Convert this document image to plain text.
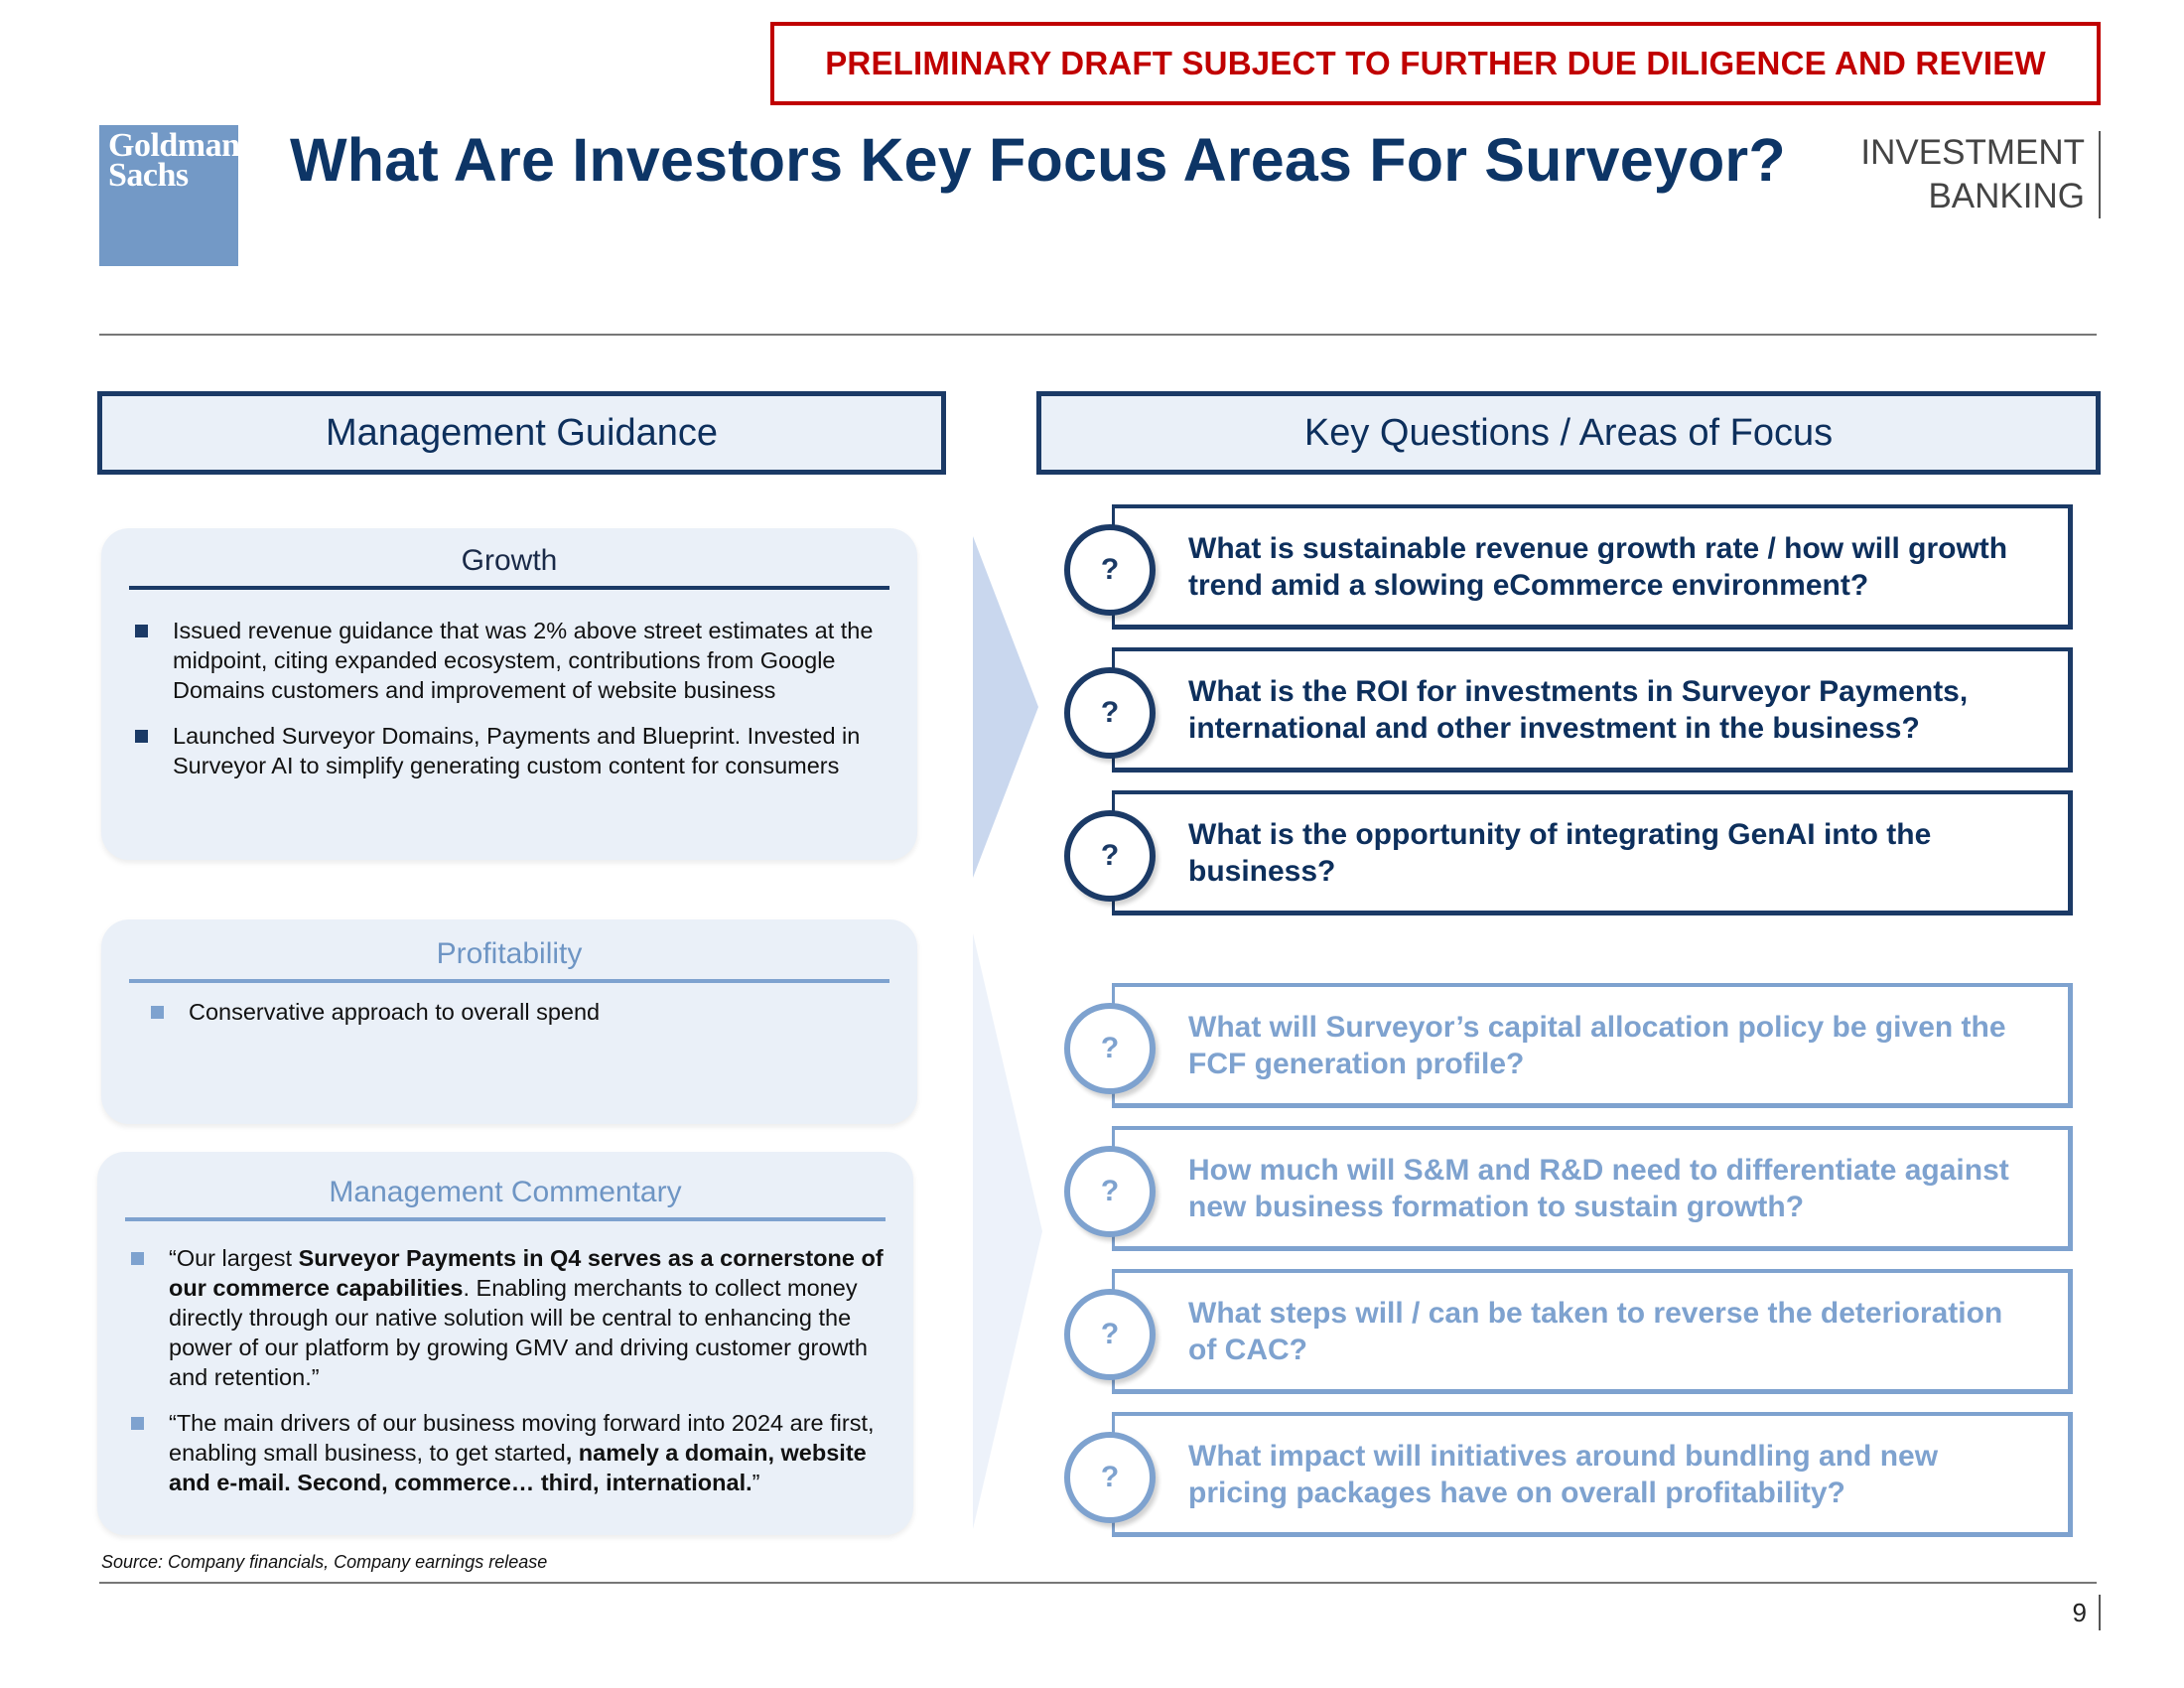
PRELIMINARY DRAFT SUBJECT TO FURTHER DUE DILIGENCE AND REVIEW
Goldman
Sachs	What Are Investors Key Focus Areas For Surveyor? INVESTMENT
BANKING
Management Guidance	Key Questions / Areas of Focus
Growth
Issued revenue guidance that was 2% above street estimates at the midpoint, citing expanded ecosystem, contributions from Google Domains customers and improvement of website business
Launched Surveyor Domains, Payments and Blueprint. Invested in Surveyor AI to simplify generating custom content for consumers
Profitability
Conservative approach to overall spend
Management Commentary
“Our largest Surveyor Payments in Q4 serves as a cornerstone of our commerce capabilities. Enabling merchants to collect money directly through our native solution will be central to enhancing the power of our platform by growing GMV and driving customer growth and retention.”
“The main drivers of our business moving forward into 2024 are first, enabling small business, to get started, namely a domain, website and e-mail. Second, commerce… third, international.”
What is sustainable revenue growth rate / how will growth trend amid a slowing eCommerce environment?
?
What is the ROI for investments in Surveyor Payments, international and other investment in the business?
?
What is the opportunity of integrating GenAI into the business?
?
What will Surveyor’s capital allocation policy be given the FCF generation profile?
?
How much will S&M and R&D need to differentiate against new business formation to sustain growth?
?
What steps will / can be taken to reverse the deterioration of CAC?
?
What impact will initiatives around bundling and new pricing packages have on overall profitability?
?
Source: Company financials, Company earnings release
9
